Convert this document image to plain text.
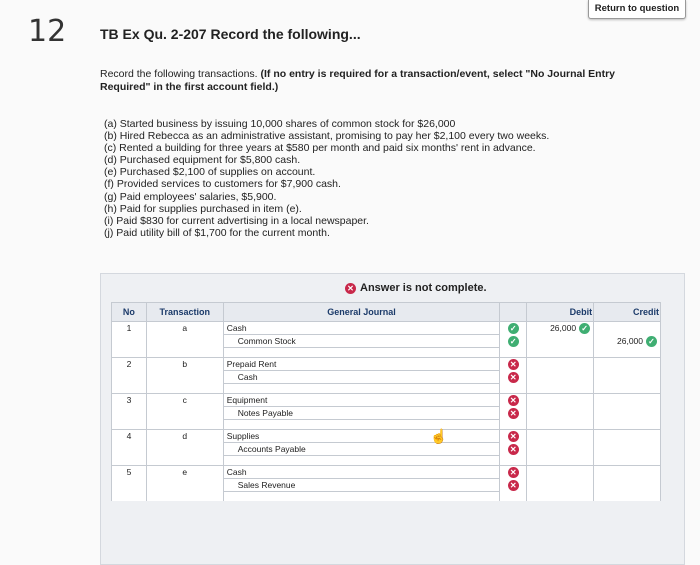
12 TB Ex Qu. 2-207 Record the following...
Return to question
Record the following transactions. (If no entry is required for a transaction/event, select "No Journal Entry Required" in the first account field.)
(a) Started business by issuing 10,000 shares of common stock for $26,000
(b) Hired Rebecca as an administrative assistant, promising to pay her $2,100 every two weeks.
(c) Rented a building for three years at $580 per month and paid six months' rent in advance.
(d) Purchased equipment for $5,800 cash.
(e) Purchased $2,100 of supplies on account.
(f) Provided services to customers for $7,900 cash.
(g) Paid employees' salaries, $5,900.
(h) Paid for supplies purchased in item (e).
(i) Paid $830 for current advertising in a local newspaper.
(j) Paid utility bill of $1,700 for the current month.
✕ Answer is not complete.
No	Transaction	General Journal		Debit	Credit
1	a	Cash	✓	26,000 ✓	

		Common Stock	✓		26,000 ✓

2	b	Prepaid Rent	✕		
		Cash	✕		

3	c	Equipment	✕		
		Notes Payable	✕		

4	d	Supplies	✕		
		Accounts Payable	✕		

5	e	Cash	✕		
		Sales Revenue	✕		

☝
